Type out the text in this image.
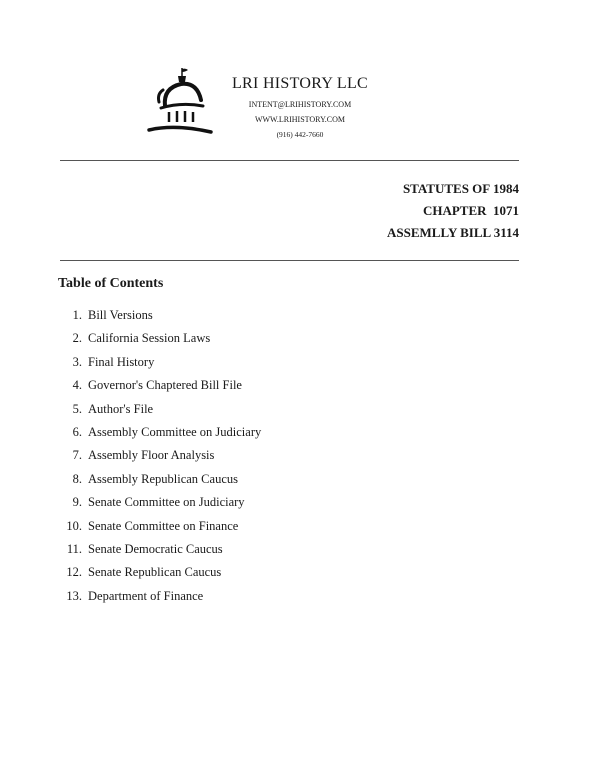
LRI HISTORY LLC
INTENT@LRIHISTORY.COM
WWW.LRIHISTORY.COM
(916) 442-7660
STATUTES OF 1984
CHAPTER  1071
ASSEMLLY BILL 3114
Table of Contents
1. Bill Versions
2. California Session Laws
3. Final History
4. Governor's Chaptered Bill File
5. Author's File
6. Assembly Committee on Judiciary
7. Assembly Floor Analysis
8. Assembly Republican Caucus
9. Senate Committee on Judiciary
10. Senate Committee on Finance
11. Senate Democratic Caucus
12. Senate Republican Caucus
13. Department of Finance
